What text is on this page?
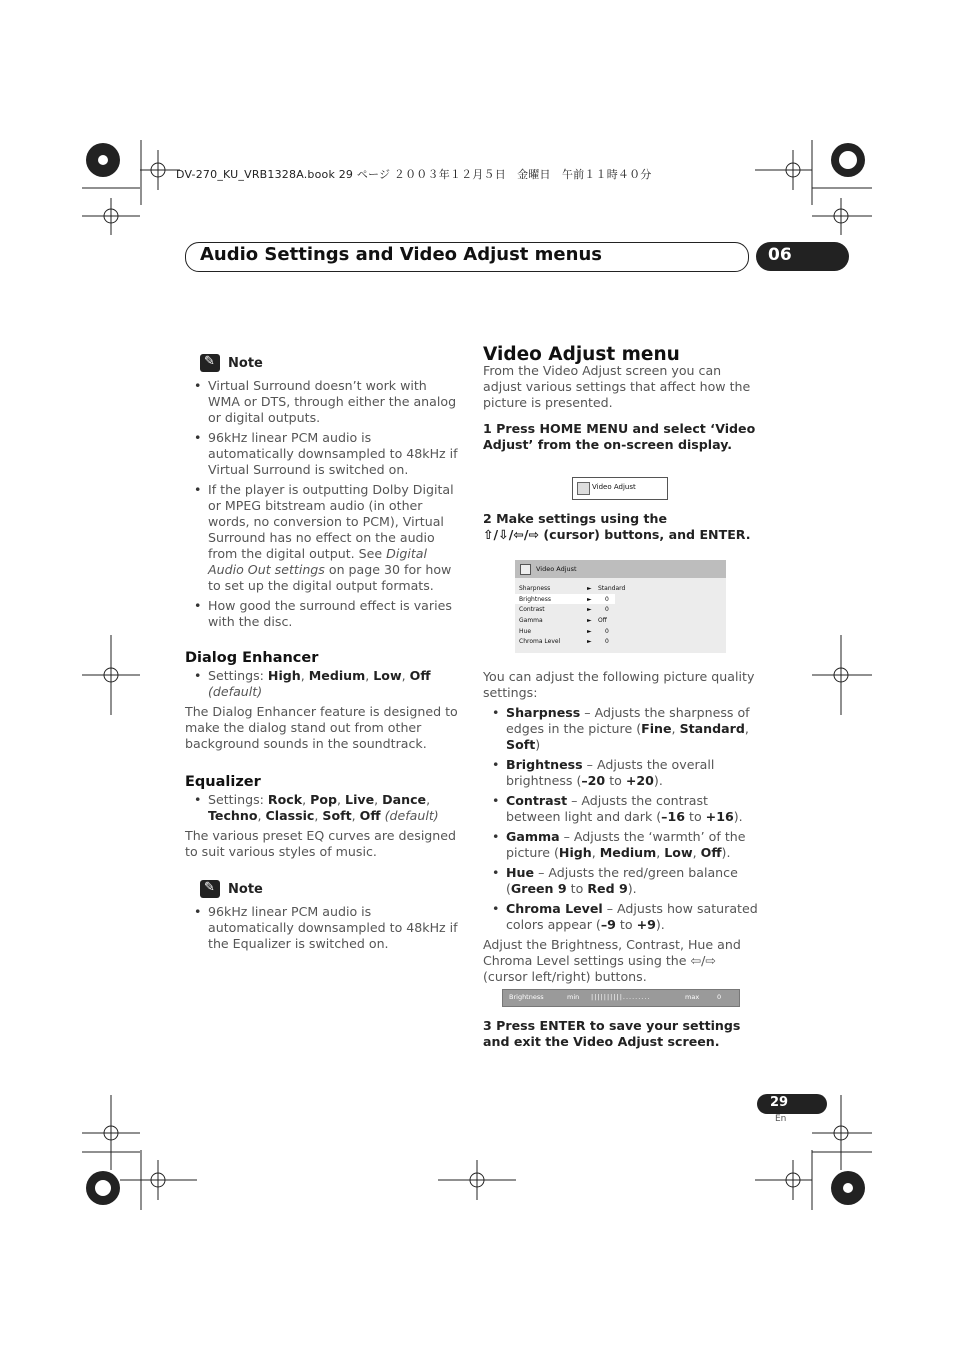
DV-270_KU_VRB1328A.book 29 ページ ２００３年１２月５日　金曜日　午前１１時４０分
Audio Settings and Video Adjust menus	06
✎ Note
• Virtual Surround doesn’t work with WMA or DTS, through either the analog or digital outputs.
• 96kHz linear PCM audio is automatically downsampled to 48kHz if Virtual Surround is switched on.
• If the player is outputting Dolby Digital or MPEG bitstream audio (in other words, no conversion to PCM), Virtual Surround has no effect on the audio from the digital output. See Digital Audio Out settings on page 30 for how to set up the digital output formats.
• How good the surround effect is varies with the disc.
Dialog Enhancer
• Settings: High, Medium, Low, Off
(default)

The Dialog Enhancer feature is designed to make the dialog stand out from other background sounds in the soundtrack.

Equalizer
• Settings: Rock, Pop, Live, Dance, Techno, Classic, Soft, Off (default)

The various preset EQ curves are designed to suit various styles of music.

✎ Note
• 96kHz linear PCM audio is automatically downsampled to 48kHz if the Equalizer is switched on.
Video Adjust menu

From the Video Adjust screen you can adjust various settings that affect how the picture is presented.

1 Press HOME MENU and select ‘Video Adjust’ from the on-screen display.

Video Adjust
2 Make settings using the
⇧/⇩/⇦/⇨ (cursor) buttons, and ENTER.
Video Adjust
Sharpness	► Standard
Brightness	► 0
Contrast	► 0
Gamma	► Off
Hue	► 0
Chroma Level	► 0

You can adjust the following picture quality settings:

• Sharpness – Adjusts the sharpness of edges in the picture (Fine, Standard, Soft)
• Brightness – Adjusts the overall brightness (–20 to +20).
• Contrast – Adjusts the contrast between light and dark (–16 to +16).
• Gamma – Adjusts the ‘warmth’ of the picture (High, Medium, Low, Off).
• Hue – Adjusts the red/green balance (Green 9 to Red 9).
• Chroma Level – Adjusts how saturated colors appear (–9 to +9).

Adjust the Brightness, Contrast, Hue and Chroma Level settings using the ⇦/⇨ (cursor left/right) buttons.

Brightness	min ||||||||||.........	max	0
3 Press ENTER to save your settings and exit the Video Adjust screen.
29
En
